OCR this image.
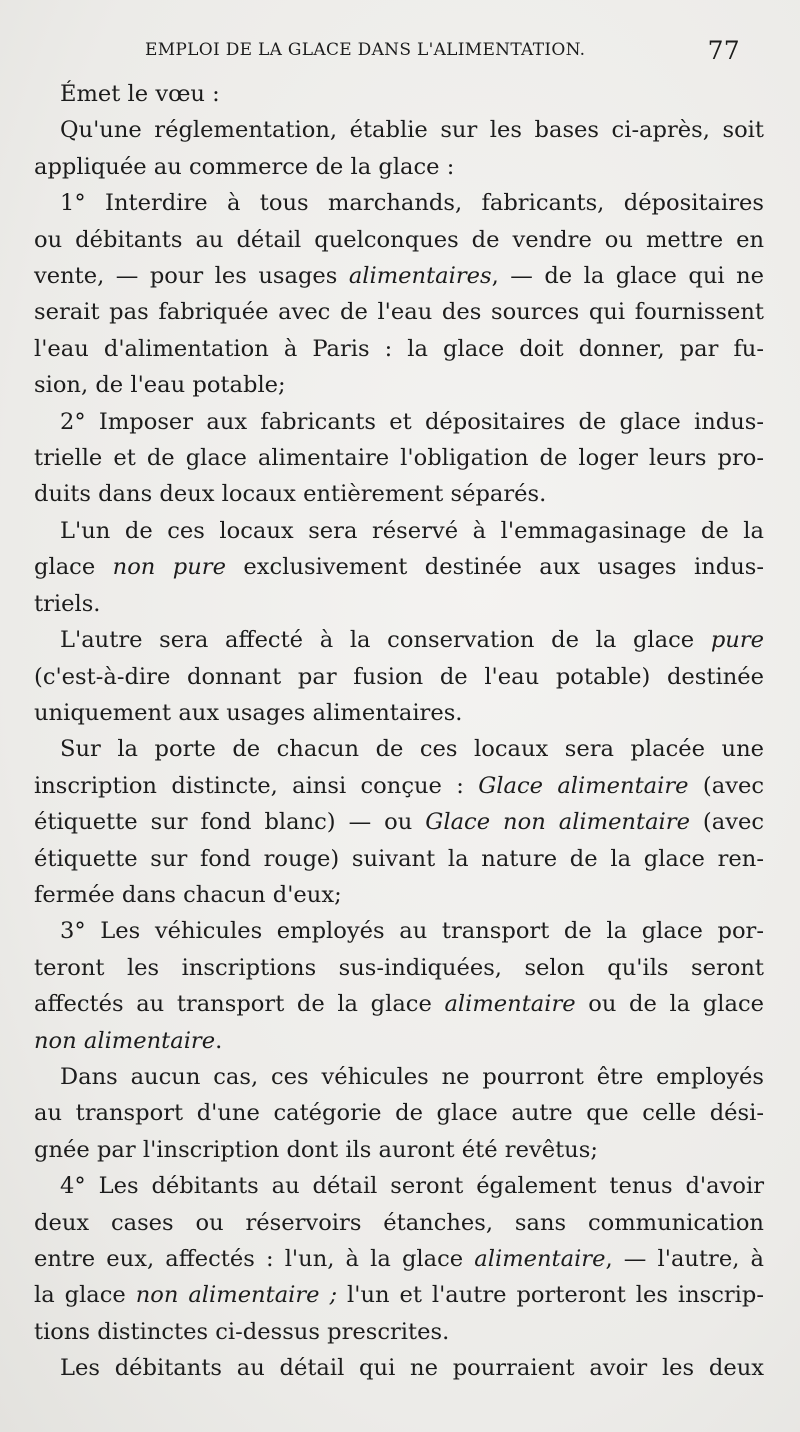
EMPLOI DE LA GLACE DANS L'ALIMENTATION.	77
Émet le vœu :
Qu'une réglementation, établie sur les bases ci-après, soit
appliquée au commerce de la glace :
1° Interdire à tous marchands, fabricants, dépositaires
ou débitants au détail quelconques de vendre ou mettre en
vente, — pour les usages alimentaires, — de la glace qui ne
serait pas fabriquée avec de l'eau des sources qui fournissent
l'eau d'alimentation à Paris : la glace doit donner, par fu-
sion, de l'eau potable;
2° Imposer aux fabricants et dépositaires de glace indus-
trielle et de glace alimentaire l'obligation de loger leurs pro-
duits dans deux locaux entièrement séparés.
L'un de ces locaux sera réservé à l'emmagasinage de la
glace non pure exclusivement destinée aux usages indus-
triels.
L'autre sera affecté à la conservation de la glace pure
(c'est-à-dire donnant par fusion de l'eau potable) destinée
uniquement aux usages alimentaires.
Sur la porte de chacun de ces locaux sera placée une
inscription distincte, ainsi conçue : Glace alimentaire (avec
étiquette sur fond blanc) — ou Glace non alimentaire (avec
étiquette sur fond rouge) suivant la nature de la glace ren-
fermée dans chacun d'eux;
3° Les véhicules employés au transport de la glace por-
teront les inscriptions sus-indiquées, selon qu'ils seront
affectés au transport de la glace alimentaire ou de la glace
non alimentaire.
Dans aucun cas, ces véhicules ne pourront être employés
au transport d'une catégorie de glace autre que celle dési-
gnée par l'inscription dont ils auront été revêtus;
4° Les débitants au détail seront également tenus d'avoir
deux cases ou réservoirs étanches, sans communication
entre eux, affectés : l'un, à la glace alimentaire, — l'autre, à
la glace non alimentaire ; l'un et l'autre porteront les inscrip-
tions distinctes ci-dessus prescrites.
Les débitants au détail qui ne pourraient avoir les deux
